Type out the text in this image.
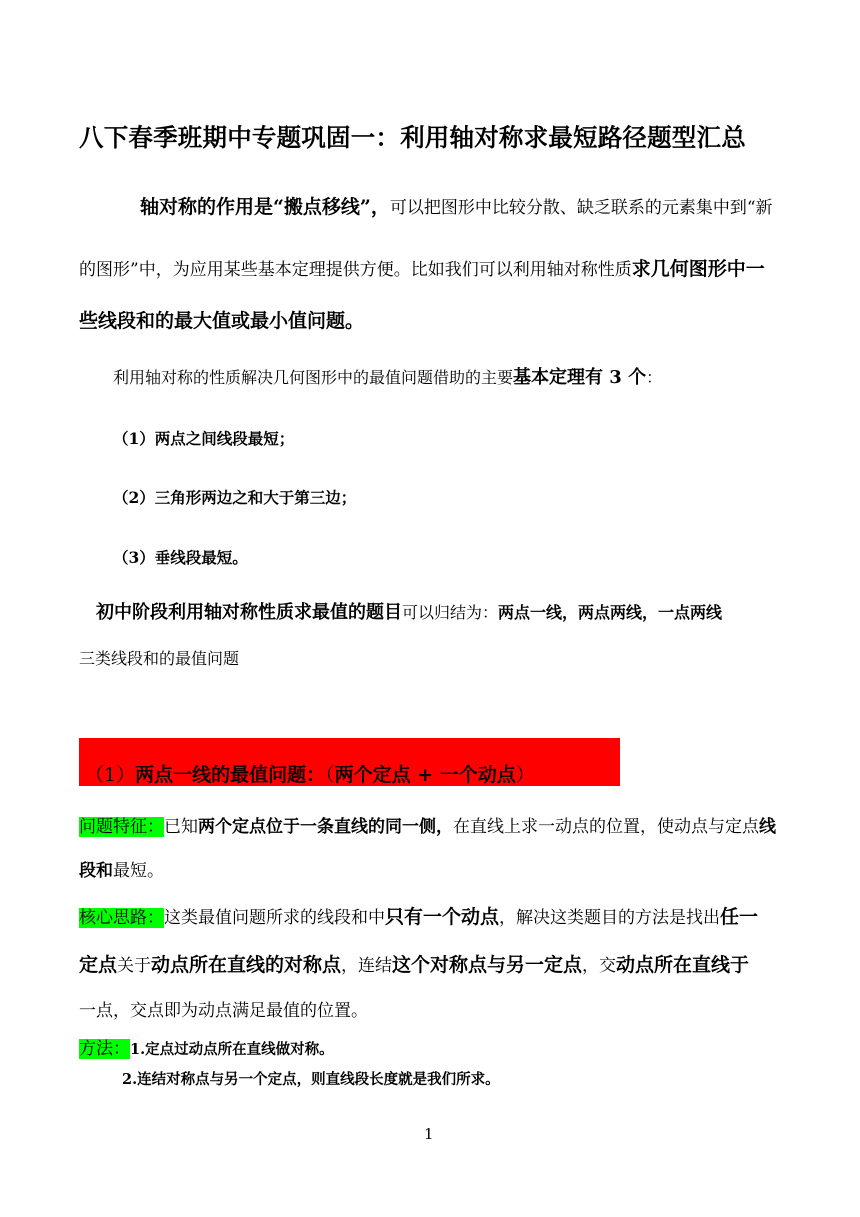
八下春季班期中专题巩固一：利用轴对称求最短路径题型汇总
轴对称的作用是“搬点移线”，可以把图形中比较分散、缺乏联系的元素集中到“新
的图形”中，为应用某些基本定理提供方便。比如我们可以利用轴对称性质求几何图形中一
些线段和的最大值或最小值问题。
利用轴对称的性质解决几何图形中的最值问题借助的主要基本定理有 3 个：
（1）两点之间线段最短；
（2）三角形两边之和大于第三边；
（3）垂线段最短。
初中阶段利用轴对称性质求最值的题目可以归结为：两点一线，两点两线，一点两线
三类线段和的最值问题
（1）两点一线的最值问题：（两个定点 + 一个动点）
问题特征：已知两个定点位于一条直线的同一侧，在直线上求一动点的位置，使动点与定点线
段和最短。
核心思路：这类最值问题所求的线段和中只有一个动点，解决这类题目的方法是找出任一
定点关于动点所在直线的对称点，连结这个对称点与另一定点，交动点所在直线于
一点，交点即为动点满足最值的位置。
方法：1.定点过动点所在直线做对称。
2.连结对称点与另一个定点，则直线段长度就是我们所求。
1
